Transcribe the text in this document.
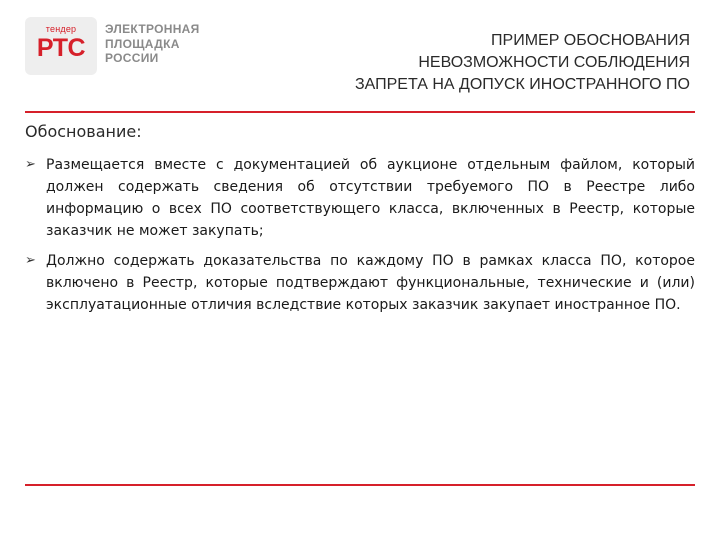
тендер
РТС
ЭЛЕКТРОННАЯ
ПЛОЩАДКА
РОССИИ
ПРИМЕР ОБОСНОВАНИЯ
НЕВОЗМОЖНОСТИ СОБЛЮДЕНИЯ
ЗАПРЕТА НА ДОПУСК ИНОСТРАННОГО ПО
Обоснование:
➢ Размещается вместе с документацией об аукционе отдельным файлом, который должен содержать сведения об отсутствии требуемого ПО в Реестре либо информацию о всех ПО соответствующего класса, включенных в Реестр, которые заказчик не может закупать;
➢ Должно содержать доказательства по каждому ПО в рамках класса ПО, которое включено в Реестр, которые подтверждают функциональные, технические и (или) эксплуатационные отличия вследствие которых заказчик закупает иностранное ПО.
